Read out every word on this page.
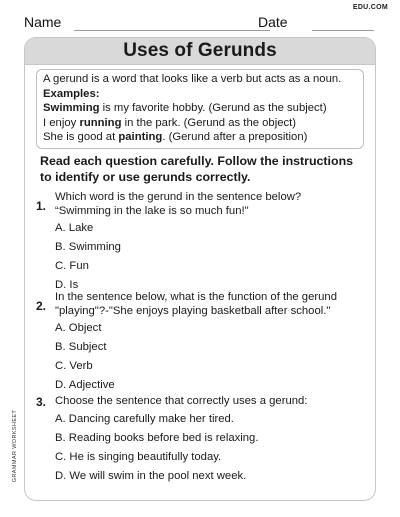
EDU.COM
Name	Date
Uses of Gerunds
A gerund is a word that looks like a verb but acts as a noun.
Examples:
Swimming is my favorite hobby. (Gerund as the subject)
I enjoy running in the park. (Gerund as the object)
She is good at painting. (Gerund after a preposition)
Read each question carefully. Follow the instructions to identify or use gerunds correctly.
1.
Which word is the gerund in the sentence below?
“Swimming in the lake is so much fun!"
A. Lake
B. Swimming
C. Fun
D. Is
2.
In the sentence below, what is the function of the gerund
"playing"?-"She enjoys playing basketball after school."
A. Object
B. Subject
C. Verb
D. Adjective
3. Choose the sentence that correctly uses a gerund:
A. Dancing carefully make her tired.
B. Reading books before bed is relaxing.
C. He is singing beautifully today.
D. We will swim in the pool next week.
GRAMMAR WORKSHEET
